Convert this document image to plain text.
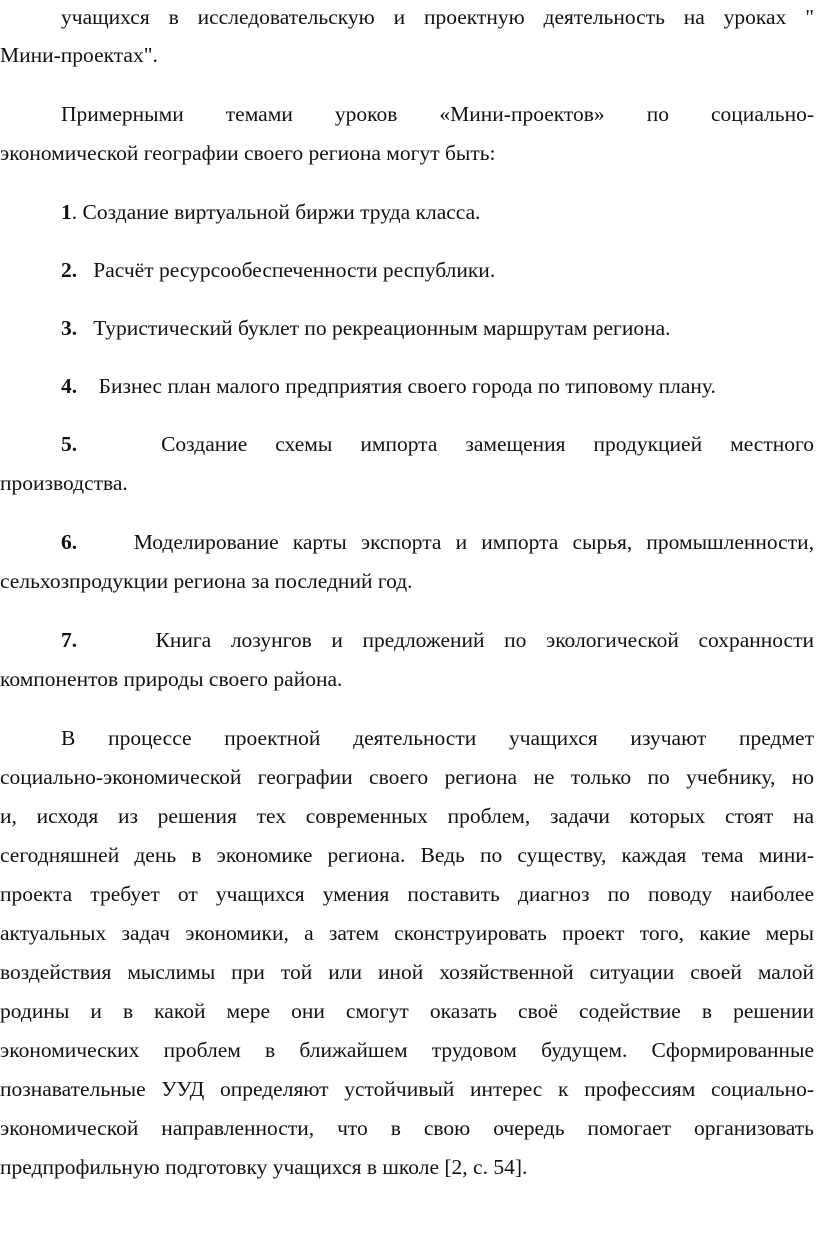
учащихся в исследовательскую и проектную деятельность на уроках "
Мини-проектах".
Примерными темами уроков «Мини-проектов» по социально-
экономической географии своего региона могут быть:
1. Создание виртуальной биржи труда класса.
2. Расчёт ресурсообеспеченности республики.
3. Туристический буклет по рекреационным маршрутам региона.
4. Бизнес план малого предприятия своего города по типовому плану.
5.	Создание схемы импорта замещения продукцией местного
производства.
6.	Моделирование карты экспорта и импорта сырья, промышленности,
сельхозпродукции региона за последний год.
7.	Книга лозунгов и предложений по экологической сохранности
компонентов природы своего района.
В процессе проектной деятельности учащихся изучают предмет
социально-экономической географии своего региона не только по учебнику, но
и, исходя из решения тех современных проблем, задачи которых стоят на
сегодняшней день в экономике региона. Ведь по существу, каждая тема мини-
проекта требует от учащихся умения поставить диагноз по поводу наиболее
актуальных задач экономики, а затем сконструировать проект того, какие меры
воздействия мыслимы при той или иной хозяйственной ситуации своей малой
родины и в какой мере они смогут оказать своё содействие в решении
экономических проблем в ближайшем трудовом будущем. Сформированные
познавательные УУД определяют устойчивый интерес к профессиям социально-
экономической направленности, что в свою очередь помогает организовать
предпрофильную подготовку учащихся в школе [2, с. 54].
